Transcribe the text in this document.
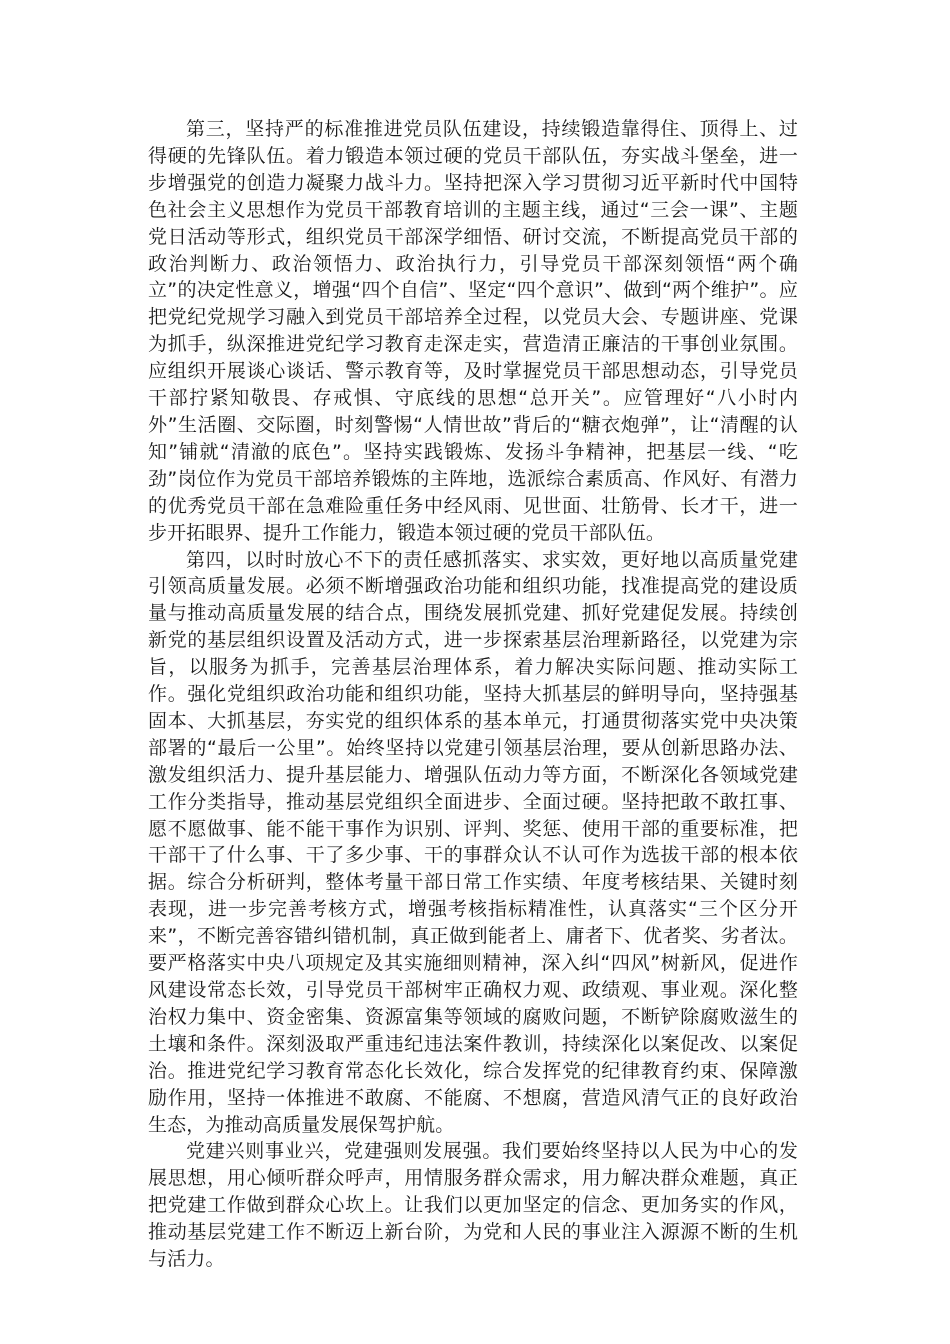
第三，坚持严的标准推进党员队伍建设，持续锻造靠得住、顶得上、过得硬的先锋队伍。着力锻造本领过硬的党员干部队伍，夯实战斗堡垒，进一步增强党的创造力凝聚力战斗力。坚持把深入学习贯彻习近平新时代中国特色社会主义思想作为党员干部教育培训的主题主线，通过“三会一课”、主题党日活动等形式，组织党员干部深学细悟、研讨交流，不断提高党员干部的政治判断力、政治领悟力、政治执行力，引导党员干部深刻领悟“两个确立”的决定性意义，增强“四个自信”、坚定“四个意识”、做到“两个维护”。应把党纪党规学习融入到党员干部培养全过程，以党员大会、专题讲座、党课为抓手，纵深推进党纪学习教育走深走实，营造清正廉洁的干事创业氛围。应组织开展谈心谈话、警示教育等，及时掌握党员干部思想动态，引导党员干部拧紧知敬畏、存戒惧、守底线的思想“总开关”。应管理好“八小时内外”生活圈、交际圈，时刻警惕“人情世故”背后的“糖衣炮弹”，让“清醒的认知”铺就“清澈的底色”。坚持实践锻炼、发扬斗争精神，把基层一线、“吃劲”岗位作为党员干部培养锻炼的主阵地，选派综合素质高、作风好、有潜力的优秀党员干部在急难险重任务中经风雨、见世面、壮筋骨、长才干，进一步开拓眼界、提升工作能力，锻造本领过硬的党员干部队伍。

第四，以时时放心不下的责任感抓落实、求实效，更好地以高质量党建引领高质量发展。必须不断增强政治功能和组织功能，找准提高党的建设质量与推动高质量发展的结合点，围绕发展抓党建、抓好党建促发展。持续创新党的基层组织设置及活动方式，进一步探索基层治理新路径，以党建为宗旨，以服务为抓手，完善基层治理体系，着力解决实际问题、推动实际工作。强化党组织政治功能和组织功能，坚持大抓基层的鲜明导向，坚持强基固本、大抓基层，夯实党的组织体系的基本单元，打通贯彻落实党中央决策部署的“最后一公里”。始终坚持以党建引领基层治理，要从创新思路办法、激发组织活力、提升基层能力、增强队伍动力等方面，不断深化各领域党建工作分类指导，推动基层党组织全面进步、全面过硬。坚持把敢不敢扛事、愿不愿做事、能不能干事作为识别、评判、奖惩、使用干部的重要标准，把干部干了什么事、干了多少事、干的事群众认不认可作为选拔干部的根本依据。综合分析研判，整体考量干部日常工作实绩、年度考核结果、关键时刻表现，进一步完善考核方式，增强考核指标精准性，认真落实“三个区分开来”，不断完善容错纠错机制，真正做到能者上、庸者下、优者奖、劣者汰。要严格落实中央八项规定及其实施细则精神，深入纠“四风”树新风，促进作风建设常态长效，引导党员干部树牢正确权力观、政绩观、事业观。深化整治权力集中、资金密集、资源富集等领域的腐败问题，不断铲除腐败滋生的土壤和条件。深刻汲取严重违纪违法案件教训，持续深化以案促改、以案促治。推进党纪学习教育常态化长效化，综合发挥党的纪律教育约束、保障激励作用，坚持一体推进不敢腐、不能腐、不想腐，营造风清气正的良好政治生态，为推动高质量发展保驾护航。

党建兴则事业兴，党建强则发展强。我们要始终坚持以人民为中心的发展思想，用心倾听群众呼声，用情服务群众需求，用力解决群众难题，真正把党建工作做到群众心坎上。让我们以更加坚定的信念、更加务实的作风，推动基层党建工作不断迈上新台阶，为党和人民的事业注入源源不断的生机与活力。
